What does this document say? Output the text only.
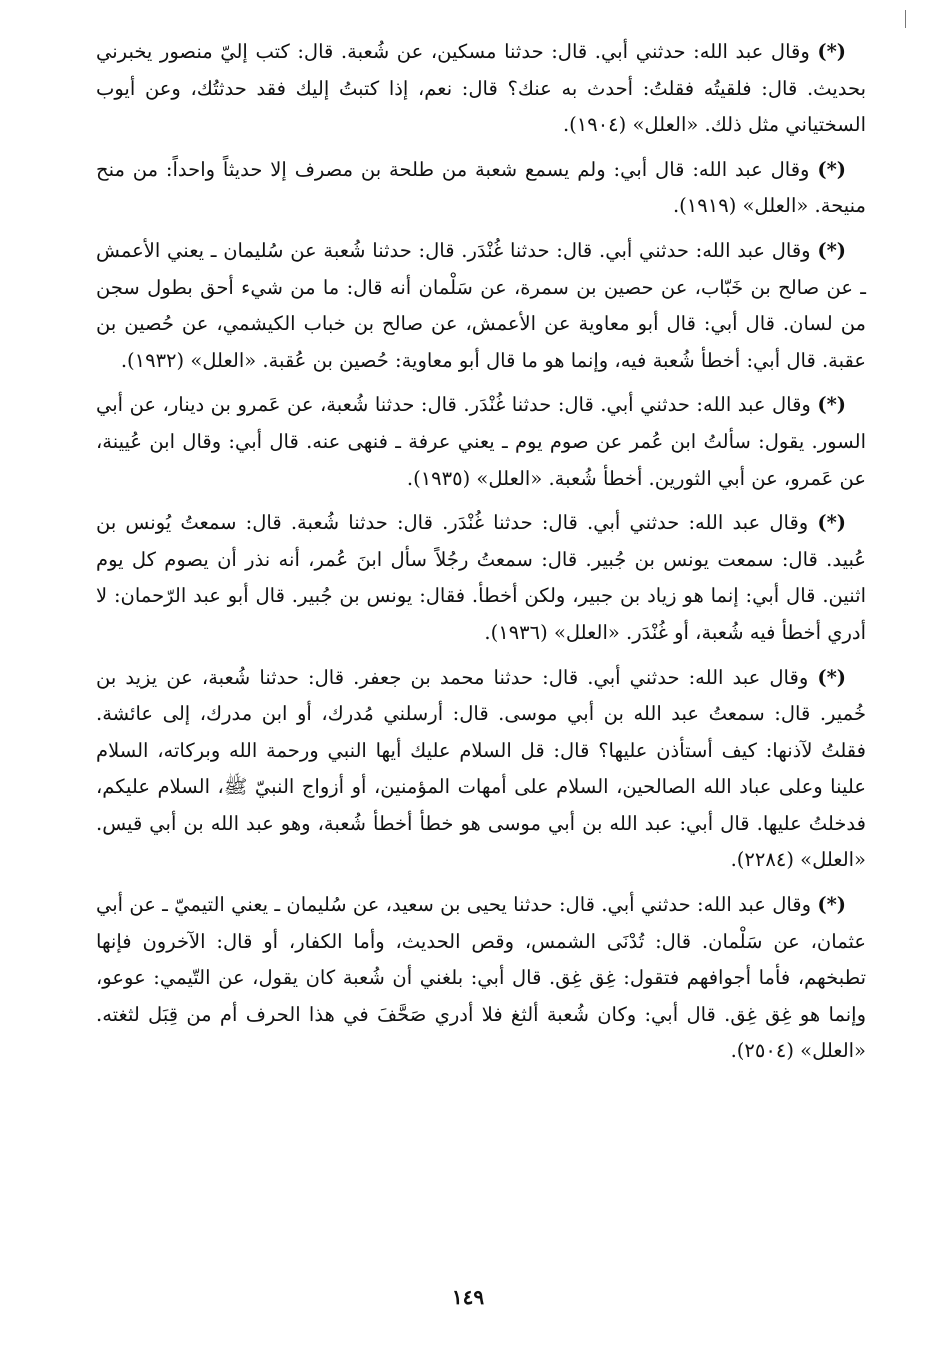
(*) وقال عبد الله: حدثني أبي. قال: حدثنا مسكين، عن شُعبة. قال: كتب إليّ منصور يخبرني بحديث. قال: فلقيتُه فقلتُ: أحدث به عنك؟ قال: نعم، إذا كتبتُ إليك فقد حدثتُك، وعن أيوب السختياني مثل ذلك. «العلل» (١٩٠٤).

(*) وقال عبد الله: قال أبي: ولم يسمع شعبة من طلحة بن مصرف إلا حديثاً واحداً: من منح منيحة. «العلل» (١٩١٩).

(*) وقال عبد الله: حدثني أبي. قال: حدثنا غُنْدَر. قال: حدثنا شُعبة عن سُليمان ـ يعني الأعمش ـ عن صالح بن خَبّاب، عن حصين بن سمرة، عن سَلْمان أنه قال: ما من شيء أحق بطول سجن من لسان. قال أبي: قال أبو معاوية عن الأعمش، عن صالح بن خباب الكيشمي، عن حُصين بن عقبة. قال أبي: أخطأ شُعبة فيه، وإنما هو ما قال أبو معاوية: حُصين بن عُقبة. «العلل» (١٩٣٢).

(*) وقال عبد الله: حدثني أبي. قال: حدثنا غُنْدَر. قال: حدثنا شُعبة، عن عَمرو بن دينار، عن أبي السور. يقول: سألتُ ابن عُمر عن صوم يوم ـ يعني عرفة ـ فنهى عنه. قال أبي: وقال ابن عُيينة، عن عَمرو، عن أبي الثورين. أخطأ شُعبة. «العلل» (١٩٣٥).

(*) وقال عبد الله: حدثني أبي. قال: حدثنا غُنْدَر. قال: حدثنا شُعبة. قال: سمعتُ يُونس بن عُبيد. قال: سمعت يونس بن جُبير. قال: سمعتُ رجُلاً سأل ابنَ عُمر، أنه نذر أن يصوم كل يوم اثنين. قال أبي: إنما هو زياد بن جبير، ولكن أخطأ. فقال: يونس بن جُبير. قال أبو عبد الرّحمان: لا أدري أخطأ فيه شُعبة، أو غُنْدَر. «العلل» (١٩٣٦).

(*) وقال عبد الله: حدثني أبي. قال: حدثنا محمد بن جعفر. قال: حدثنا شُعبة، عن يزيد بن خُمير. قال: سمعتُ عبد الله بن أبي موسى. قال: أرسلني مُدرك، أو ابن مدرك، إلى عائشة. فقلتُ لآذنها: كيف أستأذن عليها؟ قال: قل السلام عليك أيها النبي ورحمة الله وبركاته، السلام علينا وعلى عباد الله الصالحين، السلام على أمهات المؤمنين، أو أزواج النبيّ ﷺ، السلام عليكم، فدخلتُ عليها. قال أبي: عبد الله بن أبي موسى هو خطأ أخطأ شُعبة، وهو عبد الله بن أبي قيس. «العلل» (٢٢٨٤).

(*) وقال عبد الله: حدثني أبي. قال: حدثنا يحيى بن سعيد، عن سُليمان ـ يعني التيميّ ـ عن أبي عثمان، عن سَلْمان. قال: تُدْنَى الشمس، وقص الحديث، وأما الكفار، أو قال: الآخرون فإنها تطبخهم، فأما أجوافهم فتقول: غِق غِق. قال أبي: بلغني أن شُعبة كان يقول، عن التّيمي: عوعو، وإنما هو غِق غِق. قال أبي: وكان شُعبة ألثغ فلا أدري صَحَّفَ في هذا الحرف أم من قِبَل لثغته. «العلل» (٢٥٠٤).

١٤٩
